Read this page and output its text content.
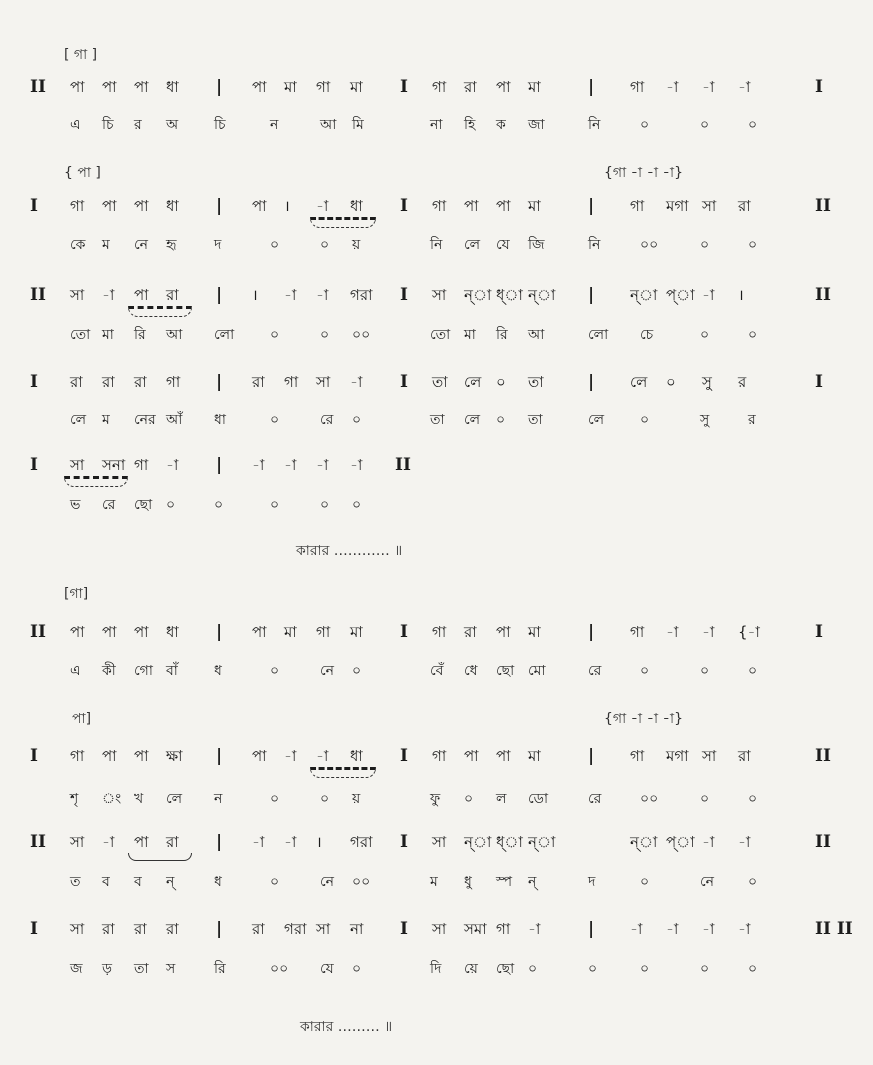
[ গা ]
II পা পা পা ধা | পা মা গা মা I গা রা পা মা	| গা -া -া -া	I
এ চি র অ	চি	ন	আ মি	না হি ক জা	নি	০	০	০
{ পা ]	{গা -া -া -া}
I গা পা পা ধা | পা । -া ধা I গা পা পা মা	| গা মগা সা রা	II
কে ম নে হৃ	দ	০	০ য়	নি লে যে জি	নি	০০	০	০
II সা -া পা রা | । -া -া গরা I সা ন্া ধ্া ন্া | ন্া প্া -া ।	II
তো মা রি আ লো	০	০ ০০	তো মা রি আ	লো চে	০	০
I রা রা রা গা | রা গা সা -া I তা লে ০ তা	| লে ০ সু র	I
লে ম নের আঁ ধা	০	রে ০	তা লে ০ তা	লে	০	সু	র
I সা সনা গা -া | -া -া -া -া II
ভ রে ছো ০	০	০	০ ০
কারার ………… ॥
[গা]
II পা পা পা ধা | পা মা গা মা I গা রা পা মা	| গা -া -া {-া	I
এ কী গো বাঁ	ধ	০	নে ০	বেঁ ধে ছো মো	রে	০	০	০
পা]	{গা -া -া -া}
I গা পা পা ক্ষা | পা -া -া ধা I গা পা পা মা	| গা মগা সা রা	II
শৃ ং খ লে ন	০	০ য়	ফু ০ ল ডো	রে	০০	০	০
II সা -া পা রা | -া -া । গরা I সা ন্া ধ্া ন্া	ন্া প্া -া -া	II
ত ব ব ন্	ধ	০	নে ০০	ম ধু স্প ন্	দ	০	নে ০
I সা রা রা রা | রা গরা সা না I সা সমা গা -া	| -া -া -া -া	II II
জ ড় তা স	রি	০০ যে ০	দি য়ে ছো ০	০	০	০	০
কারার ……… ॥
